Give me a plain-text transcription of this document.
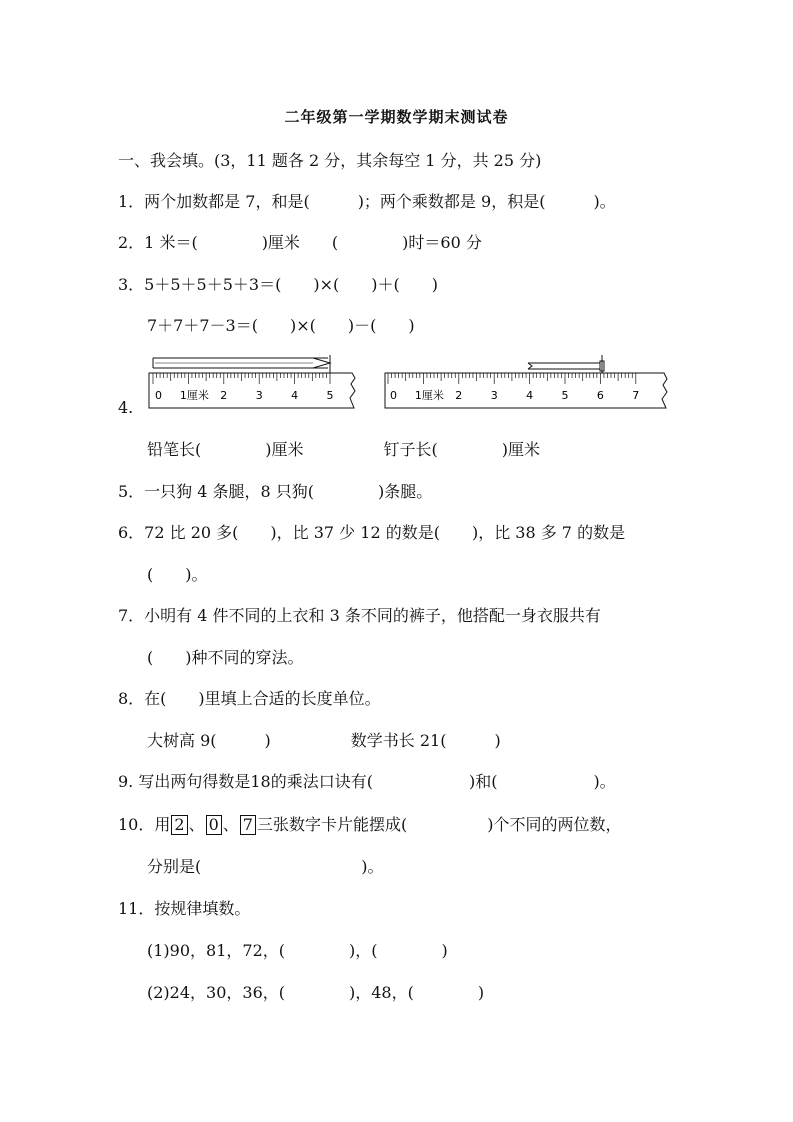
二年级第一学期数学期末测试卷
一、我会填。(3，11 题各 2 分，其余每空 1 分，共 25 分)
1．两个加数都是 7，和是(　　　)；两个乘数都是 9，积是(　　　)。
2．1 米＝(　　　　)厘米　　(　　　　)时＝60 分
3．5＋5＋5＋5＋3＝(　　)×(　　)＋(　　)
7＋7＋7－3＝(　　)×(　　)－(　　)
4.
0 1厘米 2	3	4	5	0 1厘米 2	3	4	5	6	7
铅笔长(　　　　)厘米　　　　　钉子长(　　　　)厘米
5．一只狗 4 条腿，8 只狗(　　　　)条腿。
6．72 比 20 多(　　)，比 37 少 12 的数是(　　)，比 38 多 7 的数是
(　　)。
7．小明有 4 件不同的上衣和 3 条不同的裤子，他搭配一身衣服共有
(　　)种不同的穿法。
8．在(　　)里填上合适的长度单位。
大树高 9(　　　)　　　　　数学书长 21(　　　)
9. 写出两句得数是18的乘法口诀有(　　　　　　)和(　　　　　　)。
10．用 2 、 0 、 7 三张数字卡片能摆成(　　　　　)个不同的两位数，
分别是(　　　　　　　　　　)。
11．按规律填数。
(1)90，81，72，(　　　　)，(　　　　)
(2)24，30，36，(　　　　)，48，(　　　　)
